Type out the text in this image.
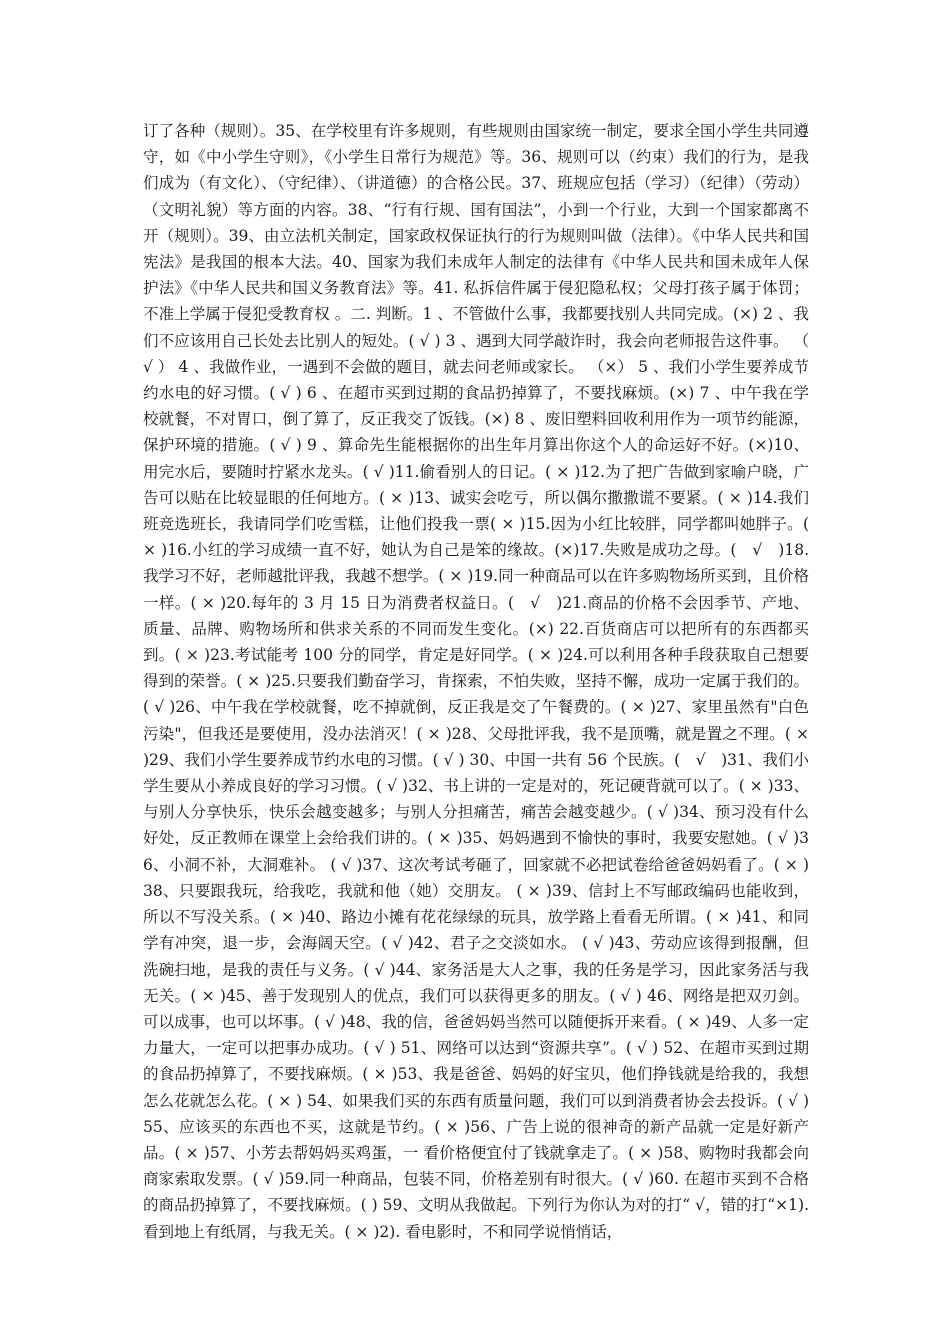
订了各种（规则）。35、在学校里有许多规则，有些规则由国家统一制定，要求全国小学生共同遵守，如《中小学生守则》，《小学生日常行为规范》等。36、规则可以（约束）我们的行为，是我们成为（有文化）、（守纪律）、（讲道德）的合格公民。37、班规应包括（学习）（纪律）（劳动）（文明礼貌）等方面的内容。38、“行有行规、国有国法”，小到一个行业，大到一个国家都离不开（规则）。39、由立法机关制定，国家政权保证执行的行为规则叫做（法律）。《中华人民共和国宪法》是我国的根本大法。40、国家为我们未成年人制定的法律有《中华人民共和国未成年人保护法》《中华人民共和国义务教育法》等。41. 私拆信件属于侵犯隐私权；父母打孩子属于体罚；不准上学属于侵犯受教育权 。二. 判断。1 、不管做什么事，我都要找别人共同完成。(×) 2 、我们不应该用自己长处去比别人的短处。( √ ) 3 、遇到大同学敲诈时，我会向老师报告这件事。 （ √ ） 4 、我做作业，一遇到不会做的题目，就去问老师或家长。 （×） 5 、我们小学生要养成节约水电的好习惯。( √ ) 6 、在超市买到过期的食品扔掉算了，不要找麻烦。(×) 7 、中午我在学校就餐，不对胃口，倒了算了，反正我交了饭钱。(×) 8 、废旧塑料回收利用作为一项节约能源，保护环境的措施。( √ ) 9 、算命先生能根据你的出生年月算出你这个人的命运好不好。(×)10、用完水后，要随时拧紧水龙头。( √ )11.偷看别人的日记。( × )12.为了把广告做到家喻户晓，广告可以贴在比较显眼的任何地方。( × )13、诚实会吃亏，所以偶尔撒撒谎不要紧。( × )14.我们班竞选班长，我请同学们吃雪糕，让他们投我一票( × )15.因为小红比较胖，同学都叫她胖子。( × )16.小红的学习成绩一直不好，她认为自己是笨的缘故。(×)17.失败是成功之母。(　√　)18.我学习不好，老师越批评我，我越不想学。( × )19.同一种商品可以在许多购物场所买到，且价格一样。( × )20.每年的 3 月 15 日为消费者权益日。(　√　)21.商品的价格不会因季节、产地、质量、品牌、购物场所和供求关系的不同而发生变化。(×) 22.百货商店可以把所有的东西都买到。( × )23.考试能考 100 分的同学，肯定是好同学。( × )24.可以利用各种手段获取自己想要得到的荣誉。( × )25.只要我们勤奋学习，肯探索，不怕失败，坚持不懈，成功一定属于我们的。( √ )26、中午我在学校就餐，吃不掉就倒，反正我是交了午餐费的。( × )27、家里虽然有"白色污染"，但我还是要使用，没办法消灭！( × )28、父母批评我，我不是顶嘴，就是置之不理。( × )29、我们小学生要养成节约水电的习惯。( √ ) 30、中国一共有 56 个民族。(　√　)31、我们小学生要从小养成良好的学习习惯。( √ )32、书上讲的一定是对的，死记硬背就可以了。( × )33、与别人分享快乐，快乐会越变越多；与别人分担痛苦，痛苦会越变越少。( √ )34、预习没有什么好处，反正教师在课堂上会给我们讲的。( × )35、妈妈遇到不愉快的事时，我要安慰她。( √ )36、小洞不补，大洞难补。 ( √ )37、这次考试考砸了，回家就不必把试卷给爸爸妈妈看了。( × )38、只要跟我玩，给我吃，我就和他（她）交朋友。 ( × )39、信封上不写邮政编码也能收到，所以不写没关系。( × )40、路边小摊有花花绿绿的玩具，放学路上看看无所谓。( × )41、和同学有冲突，退一步，会海阔天空。( √ )42、君子之交淡如水。 ( √ )43、劳动应该得到报酬，但洗碗扫地，是我的责任与义务。( √ )44、家务活是大人之事，我的任务是学习，因此家务活与我无关。( × )45、善于发现别人的优点，我们可以获得更多的朋友。( √ ) 46、网络是把双刃剑。可以成事，也可以坏事。( √ )48、我的信，爸爸妈妈当然可以随便拆开来看。( × )49、人多一定力量大，一定可以把事办成功。( √ ) 51、网络可以达到“资源共享”。( √ ) 52、在超市买到过期的食品扔掉算了，不要找麻烦。( × )53、我是爸爸、妈妈的好宝贝，他们挣钱就是给我的，我想怎么花就怎么花。( × ) 54、如果我们买的东西有质量问题，我们可以到消费者协会去投诉。( √ )55、应该买的东西也不买，这就是节约。( × )56、广告上说的很神奇的新产品就一定是好新产品。( × )57、小芳去帮妈妈买鸡蛋，一 看价格便宜付了钱就拿走了。( × )58、购物时我都会向商家索取发票。( √ )59.同一种商品，包装不同，价格差别有时很大。( √ )60. 在超市买到不合格的商品扔掉算了，不要找麻烦。( ) 59、文明从我做起。下列行为你认为对的打“ √，错的打“×1). 看到地上有纸屑，与我无关。( × )2). 看电影时，不和同学说悄悄话，
